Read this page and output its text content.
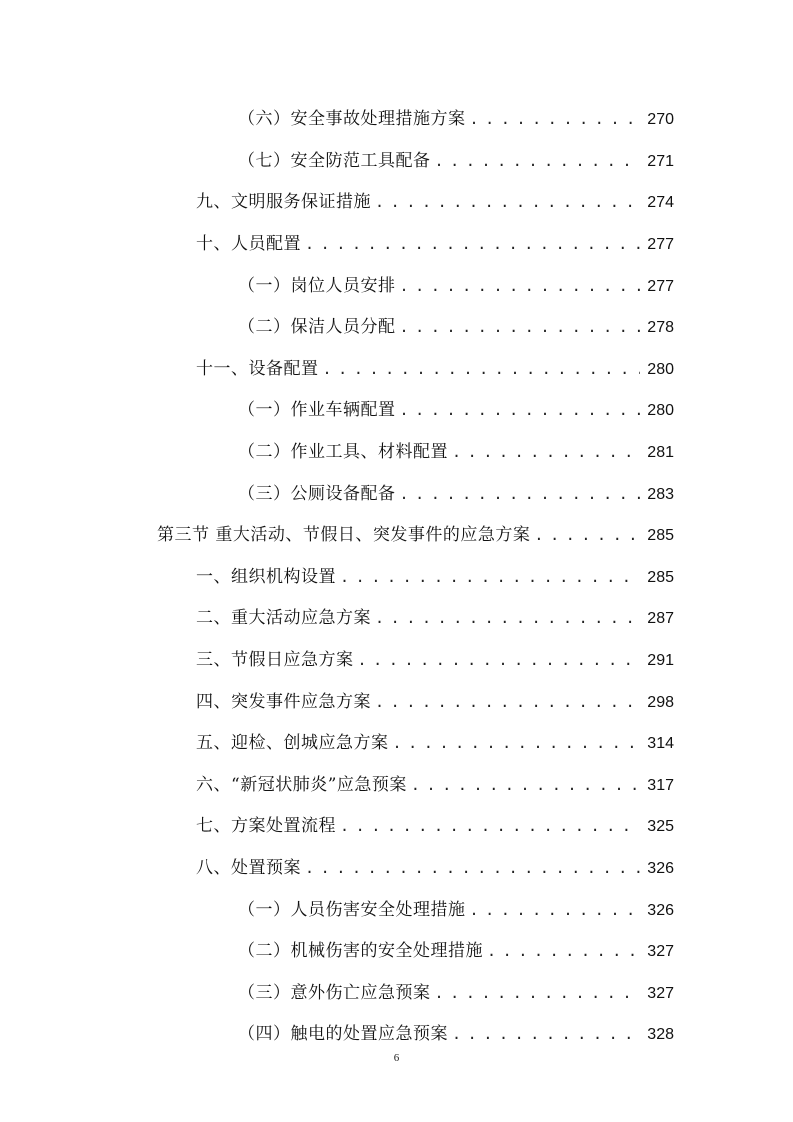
（六）安全事故处理措施方案 . . .	270
（七）安全防范工具配备 . . .	271
九、文明服务保证措施 . . .	274
十、人员配置 . . .	277
（一）岗位人员安排 . . .	277
（二）保洁人员分配 . . .	278
十一、设备配置 . . .	280
（一）作业车辆配置 . . .	280
（二）作业工具、材料配置 . . .	281
（三）公厕设备配备 . . .	283
第三节 重大活动、节假日、突发事件的应急方案 . . .	285
一、组织机构设置 . . .	285
二、重大活动应急方案 . . .	287
三、节假日应急方案 . . .	291
四、突发事件应急方案 . . .	298
五、迎检、创城应急方案 . . .	314
六、“新冠状肺炎”应急预案 . . .	317
七、方案处置流程 . . .	325
八、处置预案 . . .	326
（一）人员伤害安全处理措施 . . .	326
（二）机械伤害的安全处理措施 . . .	327
（三）意外伤亡应急预案 . . .	327
（四）触电的处置应急预案 . . .	328
6
